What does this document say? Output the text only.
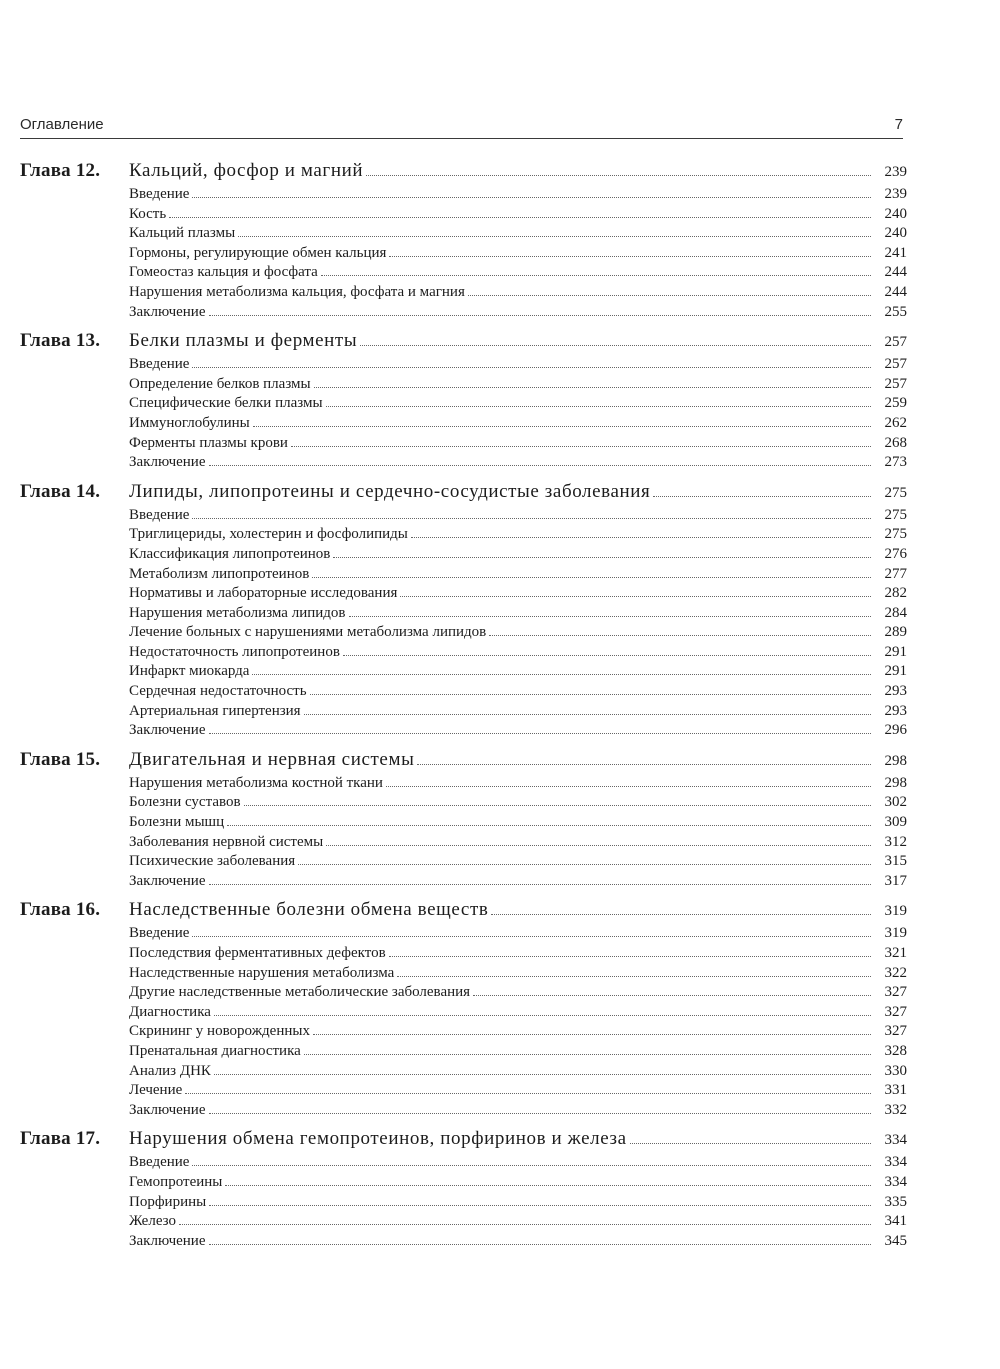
Оглавление	7
Глава 12.	Кальций, фосфор и магний	239
Введение	239
Кость	240
Кальций плазмы	240
Гормоны, регулирующие обмен кальция	241
Гомеостаз кальция и фосфата	244
Нарушения метаболизма кальция, фосфата и магния	244
Заключение	255
Глава 13.	Белки плазмы и ферменты	257
Введение	257
Определение белков плазмы	257
Специфические белки плазмы	259
Иммуноглобулины	262
Ферменты плазмы крови	268
Заключение	273
Глава 14.	Липиды, липопротеины и сердечно-сосудистые заболевания	275
Введение	275
Триглицериды, холестерин и фосфолипиды	275
Классификация липопротеинов	276
Метаболизм липопротеинов	277
Нормативы и лабораторные исследования	282
Нарушения метаболизма липидов	284
Лечение больных с нарушениями метаболизма липидов	289
Недостаточность липопротеинов	291
Инфаркт миокарда	291
Сердечная недостаточность	293
Артериальная гипертензия	293
Заключение	296
Глава 15.	Двигательная и нервная системы	298
Нарушения метаболизма костной ткани	298
Болезни суставов	302
Болезни мышц	309
Заболевания нервной системы	312
Психические заболевания	315
Заключение	317
Глава 16.	Наследственные болезни обмена веществ	319
Введение	319
Последствия ферментативных дефектов	321
Наследственные нарушения метаболизма	322
Другие наследственные метаболические заболевания	327
Диагностика	327
Скрининг у новорожденных	327
Пренатальная диагностика	328
Анализ ДНК	330
Лечение	331
Заключение	332
Глава 17.	Нарушения обмена гемопротеинов, порфиринов и железа	334
Введение	334
Гемопротеины	334
Порфирины	335
Железо	341
Заключение	345
